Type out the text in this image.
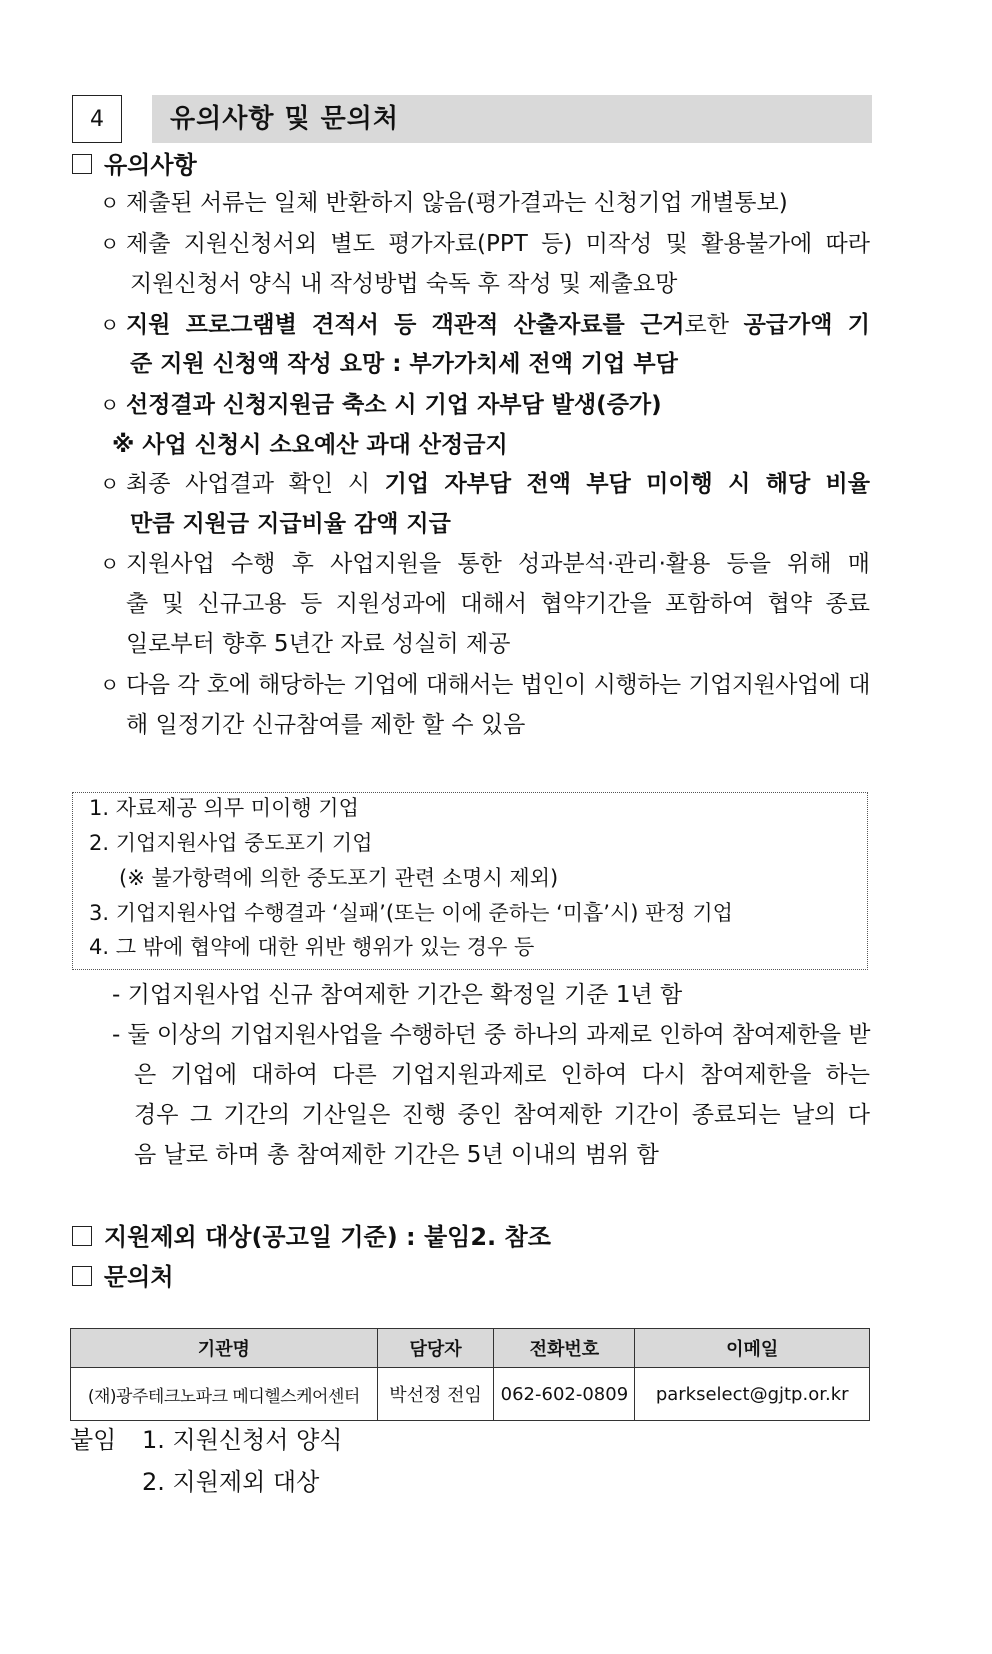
4	유의사항 및 문의처
유의사항
ㅇ 제출된 서류는 일체 반환하지 않음(평가결과는 신청기업 개별통보)
ㅇ 제출 지원신청서외 별도 평가자료(PPT 등) 미작성 및 활용불가에 따라
지원신청서 양식 내 작성방법 숙독 후 작성 및 제출요망
ㅇ 지원 프로그램별 견적서 등 객관적 산출자료를 근거로한 공급가액 기
준 지원 신청액 작성 요망 : 부가가치세 전액 기업 부담
ㅇ 선정결과 신청지원금 축소 시 기업 자부담 발생(증가)
※ 사업 신청시 소요예산 과대 산정금지
ㅇ 최종 사업결과 확인 시 기업 자부담 전액 부담 미이행 시 해당 비율
만큼 지원금 지급비율 감액 지급
ㅇ 지원사업 수행 후 사업지원을 통한 성과분석·관리·활용 등을 위해 매
출 및 신규고용 등 지원성과에 대해서 협약기간을 포함하여 협약 종료
일로부터 향후 5년간 자료 성실히 제공
ㅇ 다음 각 호에 해당하는 기업에 대해서는 법인이 시행하는 기업지원사업에 대
해 일정기간 신규참여를 제한 할 수 있음
1. 자료제공 의무 미이행 기업
2. 기업지원사업 중도포기 기업
(※ 불가항력에 의한 중도포기 관련 소명시 제외)
3. 기업지원사업 수행결과 ‘실패’(또는 이에 준하는 ‘미흡’시) 판정 기업
4. 그 밖에 협약에 대한 위반 행위가 있는 경우 등
- 기업지원사업 신규 참여제한 기간은 확정일 기준 1년 함
- 둘 이상의 기업지원사업을 수행하던 중 하나의 과제로 인하여 참여제한을 받
은 기업에 대하여 다른 기업지원과제로 인하여 다시 참여제한을 하는
경우 그 기간의 기산일은 진행 중인 참여제한 기간이 종료되는 날의 다
음 날로 하며 총 참여제한 기간은 5년 이내의 범위 함
지원제외 대상(공고일 기준) : 붙임2. 참조
문의처
기관명	담당자	전화번호	이메일
(재)광주테크노파크 메디헬스케어센터	박선정 전임	062-602-0809	parkselect@gjtp.or.kr
붙임 1. 지원신청서 양식
2. 지원제외 대상
